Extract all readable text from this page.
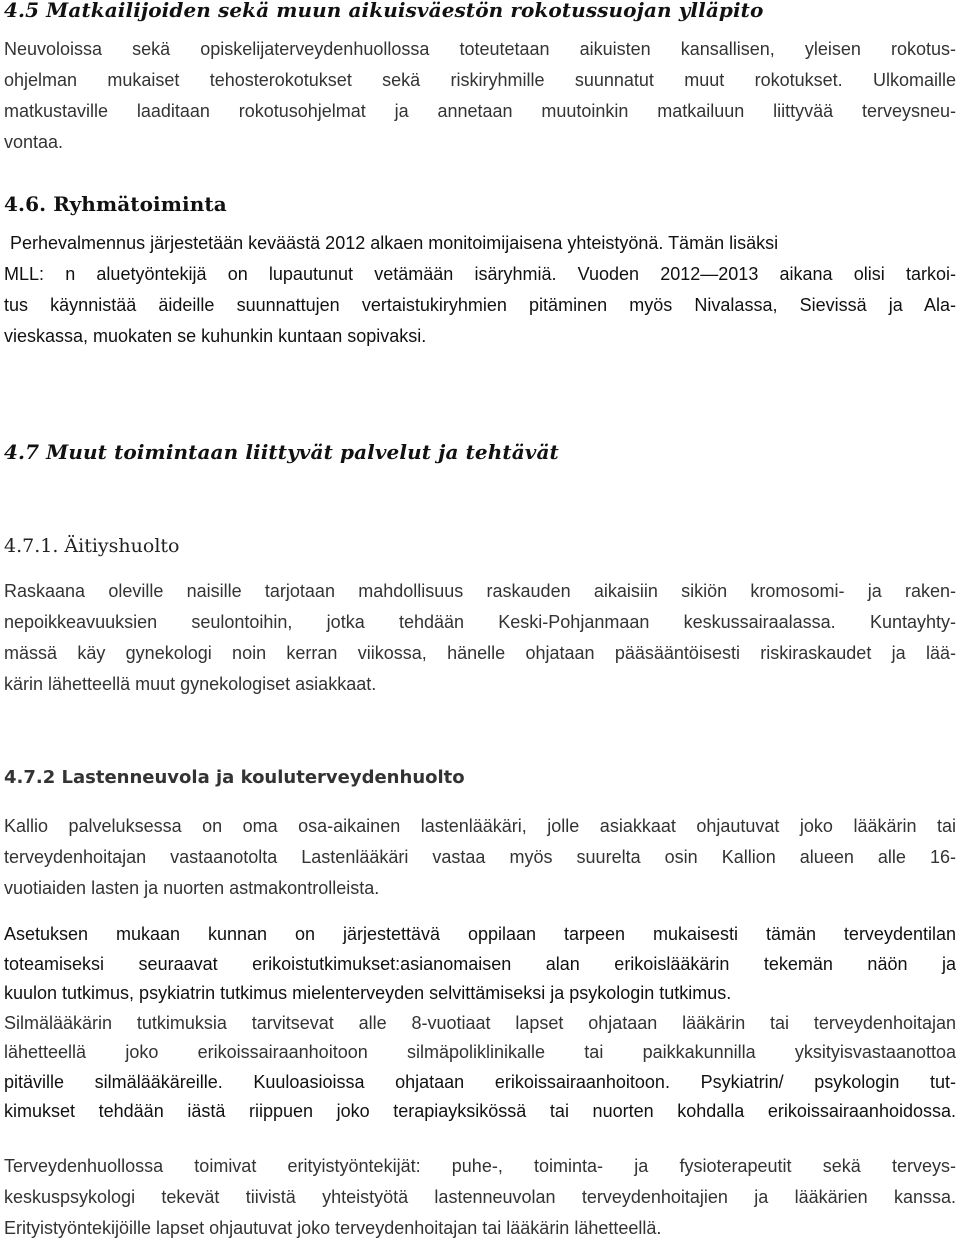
4.5 Matkailijoiden sekä muun aikuisväestön rokotussuojan ylläpito
Neuvoloissa sekä opiskelijaterveydenhuollossa toteutetaan aikuisten kansallisen, yleisen rokotus-
ohjelman mukaiset tehosterokotukset sekä riskiryhmille suunnatut muut rokotukset. Ulkomaille
matkustaville laaditaan rokotusohjelmat ja annetaan muutoinkin matkailuun liittyvää terveysneu-
vontaa.
4.6. Ryhmätoiminta
Perhevalmennus järjestetään keväästä 2012 alkaen monitoimijaisena yhteistyönä. Tämän lisäksi
MLL: n aluetyöntekijä on lupautunut vetämään isäryhmiä. Vuoden 2012—2013 aikana olisi tarkoi-
tus käynnistää äideille suunnattujen vertaistukiryhmien pitäminen myös Nivalassa, Sievissä ja Ala-
vieskassa, muokaten se kuhunkin kuntaan sopivaksi.
4.7 Muut toimintaan liittyvät palvelut ja tehtävät
4.7.1. Äitiyshuolto
Raskaana oleville naisille tarjotaan mahdollisuus raskauden aikaisiin sikiön kromosomi- ja raken-
nepoikkeavuuksien seulontoihin, jotka tehdään Keski-Pohjanmaan keskussairaalassa. Kuntayhty-
mässä käy gynekologi noin kerran viikossa, hänelle ohjataan pääsääntöisesti riskiraskaudet ja lää-
kärin lähetteellä muut gynekologiset asiakkaat.
4.7.2 Lastenneuvola ja kouluterveydenhuolto
Kallio palveluksessa on oma osa-aikainen lastenlääkäri, jolle asiakkaat ohjautuvat joko lääkärin tai
terveydenhoitajan vastaanotolta Lastenlääkäri vastaa myös suurelta osin Kallion alueen alle 16-
vuotiaiden lasten ja nuorten astmakontrolleista.
Asetuksen mukaan kunnan on järjestettävä oppilaan tarpeen mukaisesti tämän terveydentilan
toteamiseksi seuraavat erikoistutkimukset:asianomaisen alan erikoislääkärin tekemän näön ja
kuulon tutkimus, psykiatrin tutkimus mielenterveyden selvittämiseksi ja psykologin tutkimus.
Silmälääkärin tutkimuksia tarvitsevat alle 8-vuotiaat lapset ohjataan lääkärin tai terveydenhoitajan
lähetteellä joko erikoissairaanhoitoon silmäpoliklinikalle tai paikkakunnilla yksityisvastaanottoa
pitäville silmälääkäreille. Kuuloasioissa ohjataan erikoissairaanhoitoon. Psykiatrin/ psykologin tut-
kimukset tehdään iästä riippuen joko terapiayksikössä tai nuorten kohdalla erikoissairaanhoidossa.
Terveydenhuollossa toimivat erityistyöntekijät: puhe-, toiminta- ja fysioterapeutit sekä terveys-
keskuspsykologi tekevät tiivistä yhteistyötä lastenneuvolan terveydenhoitajien ja lääkärien kanssa.
Erityistyöntekijöille lapset ohjautuvat joko terveydenhoitajan tai lääkärin lähetteellä.
